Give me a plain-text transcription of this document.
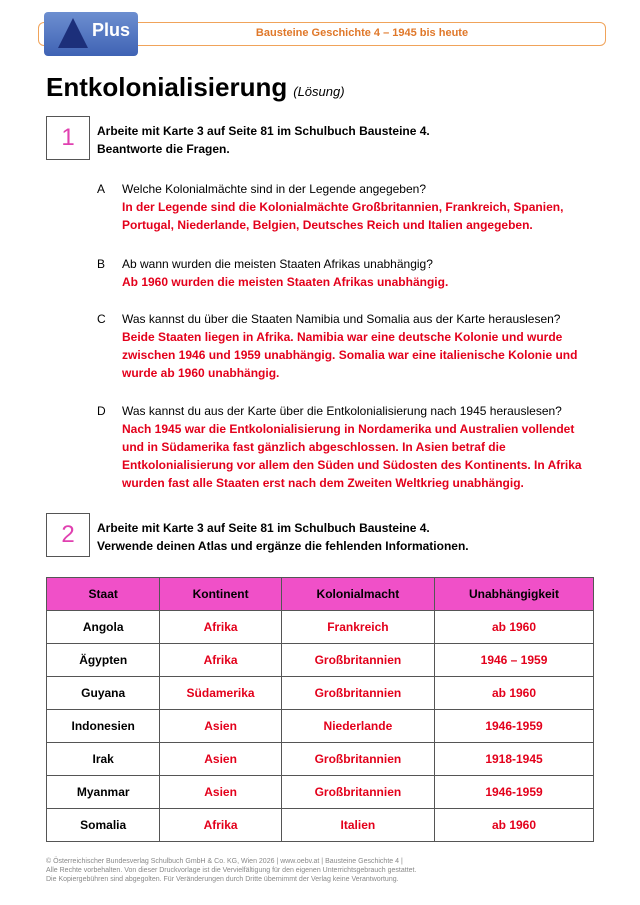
Bausteine Geschichte 4 – 1945 bis heute
Plus
Entkolonialisierung (Lösung)
1	Arbeite mit Karte 3 auf Seite 81 im Schulbuch Bausteine 4.
Beantworte die Fragen.
A Welche Kolonialmächte sind in der Legende angegeben?
In der Legende sind die Kolonialmächte Großbritannien, Frankreich, Spanien, Portugal, Niederlande, Belgien, Deutsches Reich und Italien angegeben.
B Ab wann wurden die meisten Staaten Afrikas unabhängig?
Ab 1960 wurden die meisten Staaten Afrikas unabhängig.
C Was kannst du über die Staaten Namibia und Somalia aus der Karte herauslesen?
Beide Staaten liegen in Afrika. Namibia war eine deutsche Kolonie und wurde zwischen 1946 und 1959 unabhängig. Somalia war eine italienische Kolonie und wurde ab 1960 unabhängig.
D Was kannst du aus der Karte über die Entkolonialisierung nach 1945 herauslesen?
Nach 1945 war die Entkolonialisierung in Nordamerika und Australien vollendet und in Südamerika fast gänzlich abgeschlossen. In Asien betraf die Entkolonialisierung vor allem den Süden und Südosten des Kontinents. In Afrika wurden fast alle Staaten erst nach dem Zweiten Weltkrieg unabhängig.
2	Arbeite mit Karte 3 auf Seite 81 im Schulbuch Bausteine 4.
Verwende deinen Atlas und ergänze die fehlenden Informationen.
Staat	Kontinent	Kolonialmacht	Unabhängigkeit
Angola	Afrika	Frankreich	ab 1960
Ägypten	Afrika	Großbritannien	1946 – 1959
Guyana	Südamerika	Großbritannien	ab 1960
Indonesien	Asien	Niederlande	1946-1959
Irak	Asien	Großbritannien	1918-1945
Myanmar	Asien	Großbritannien	1946-1959
Somalia	Afrika	Italien	ab 1960
© Österreichischer Bundesverlag Schulbuch GmbH & Co. KG, Wien 2026 | www.oebv.at | Bausteine Geschichte 4 |
Alle Rechte vorbehalten. Von dieser Druckvorlage ist die Vervielfältigung für den eigenen Unterrichtsgebrauch gestattet.
Die Kopiergebühren sind abgegolten. Für Veränderungen durch Dritte übernimmt der Verlag keine Verantwortung.
